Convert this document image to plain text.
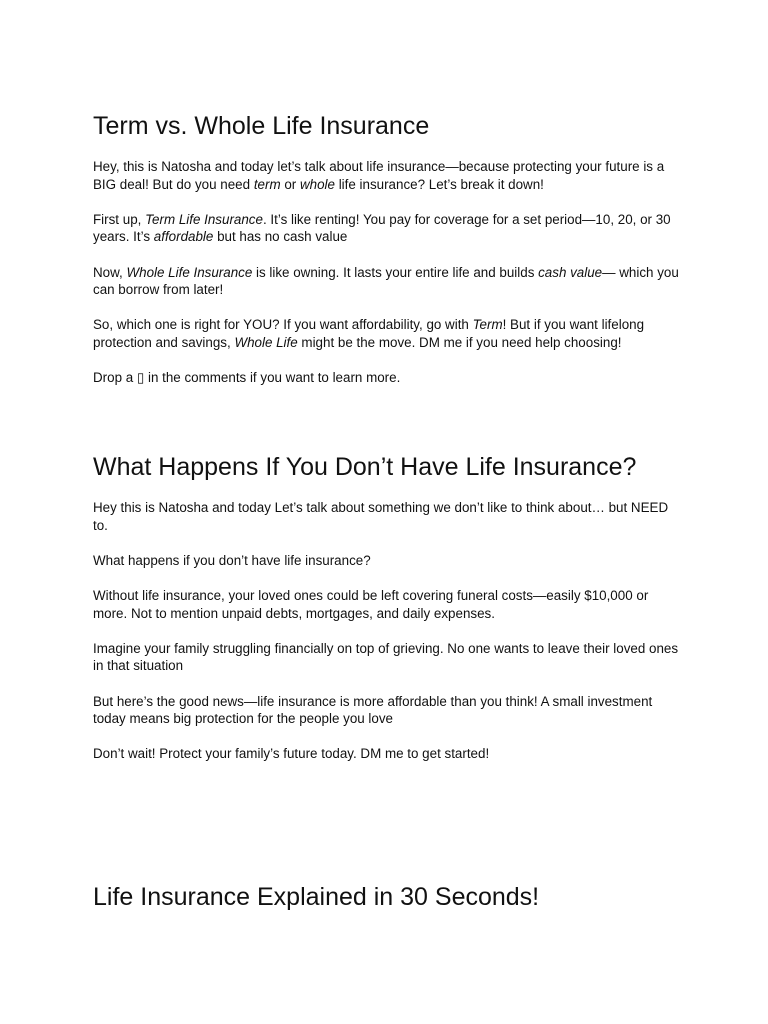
Term vs. Whole Life Insurance

Hey, this is Natosha and today let’s talk about life insurance—because protecting your future is a BIG deal! But do you need term or whole life insurance? Let’s break it down!

First up, Term Life Insurance. It’s like renting! You pay for coverage for a set period—10, 20, or 30 years. It’s affordable but has no cash value

Now, Whole Life Insurance is like owning. It lasts your entire life and builds cash value— which you can borrow from later!

So, which one is right for YOU? If you want affordability, go with Term! But if you want lifelong protection and savings, Whole Life might be the move. DM me if you need help choosing!

Drop a ▯ in the comments if you want to learn more.

What Happens If You Don’t Have Life Insurance?

Hey this is Natosha and today Let’s talk about something we don’t like to think about… but NEED to.

What happens if you don’t have life insurance?

Without life insurance, your loved ones could be left covering funeral costs—easily $10,000 or more. Not to mention unpaid debts, mortgages, and daily expenses.

Imagine your family struggling financially on top of grieving. No one wants to leave their loved ones in that situation

But here’s the good news—life insurance is more affordable than you think! A small investment today means big protection for the people you love

Don’t wait! Protect your family’s future today. DM me to get started!

Life Insurance Explained in 30 Seconds!
